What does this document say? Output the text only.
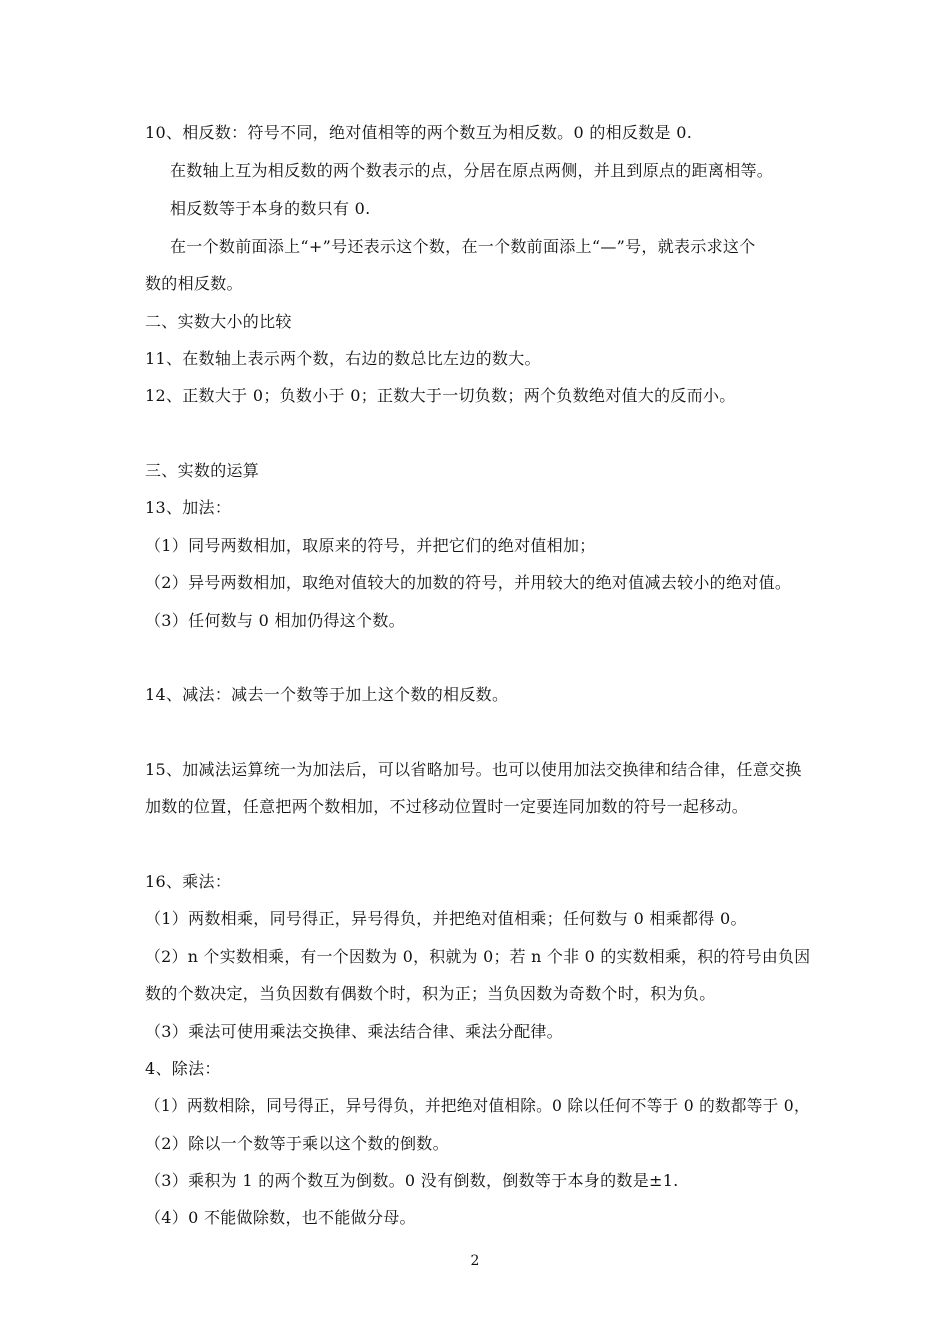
10、相反数：符号不同，绝对值相等的两个数互为相反数。0 的相反数是 0.
在数轴上互为相反数的两个数表示的点，分居在原点两侧，并且到原点的距离相等。
相反数等于本身的数只有 0.
在一个数前面添上“+”号还表示这个数，在一个数前面添上“—”号，就表示求这个
数的相反数。
二、实数大小的比较
11、在数轴上表示两个数，右边的数总比左边的数大。
12、正数大于 0；负数小于 0；正数大于一切负数；两个负数绝对值大的反而小。
三、实数的运算
13、加法：
（1）同号两数相加，取原来的符号，并把它们的绝对值相加；
（2）异号两数相加，取绝对值较大的加数的符号，并用较大的绝对值减去较小的绝对值。
（3）任何数与 0 相加仍得这个数。
14、减法：减去一个数等于加上这个数的相反数。
15、加减法运算统一为加法后，可以省略加号。也可以使用加法交换律和结合律，任意交换
加数的位置，任意把两个数相加，不过移动位置时一定要连同加数的符号一起移动。
16、乘法：
（1）两数相乘，同号得正，异号得负，并把绝对值相乘；任何数与 0 相乘都得 0。
（2）n 个实数相乘，有一个因数为 0，积就为 0；若 n 个非 0 的实数相乘，积的符号由负因
数的个数决定，当负因数有偶数个时，积为正；当负因数为奇数个时，积为负。
（3）乘法可使用乘法交换律、乘法结合律、乘法分配律。
4、除法：
（1）两数相除，同号得正，异号得负，并把绝对值相除。0 除以任何不等于 0 的数都等于 0，
（2）除以一个数等于乘以这个数的倒数。
（3）乘积为 1 的两个数互为倒数。0 没有倒数，倒数等于本身的数是±1.
（4）0 不能做除数，也不能做分母。
2
